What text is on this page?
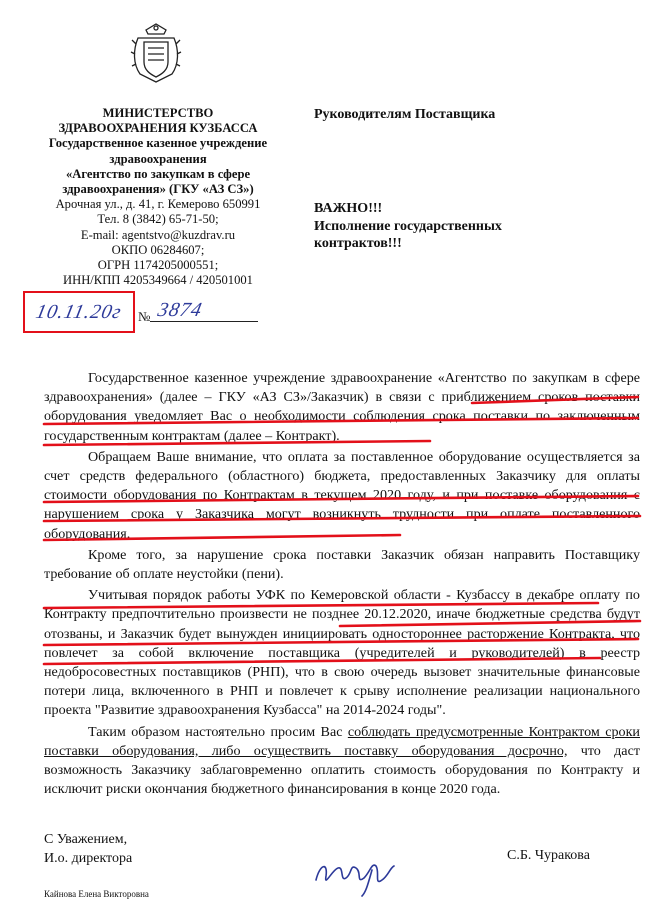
МИНИСТЕРСТВО
ЗДРАВООХРАНЕНИЯ КУЗБАССА
Государственное казенное учреждение
здравоохранения
«Агентство по закупкам в сфере
здравоохранения» (ГКУ «АЗ СЗ»)
Арочная ул., д. 41, г. Кемерово 650991
Тел. 8 (3842) 65-71-50;
E-mail: agentstvo@kuzdrav.ru
ОКПО 06284607;
ОГРН 1174205000551;
ИНН/КПП 4205349664 / 420501001
Руководителям Поставщика
ВАЖНО!!!
Исполнение государственных
контрактов!!!
10.11.20г № 3874

Государственное казенное учреждение здравоохранение «Агентство по закупкам в сфере здравоохранения» (далее – ГКУ «АЗ СЗ»/Заказчик) в связи с приближением сроков поставки оборудования уведомляет Вас о необходимости соблюдения срока поставки по заключенным государственным контрактам (далее – Контракт).

Обращаем Ваше внимание, что оплата за поставленное оборудование осуществляется за счет средств федерального (областного) бюджета, предоставленных Заказчику для оплаты стоимости оборудования по Контрактам в текущем 2020 году, и при поставке оборудования с нарушением срока у Заказчика могут возникнуть трудности при оплате поставленного оборудования.

Кроме того, за нарушение срока поставки Заказчик обязан направить Поставщику требование об оплате неустойки (пени).

Учитывая порядок работы УФК по Кемеровской области - Кузбассу в декабре оплату по Контракту предпочтительно произвести не позднее 20.12.2020, иначе бюджетные средства будут отозваны, и Заказчик будет вынужден инициировать одностороннее расторжение Контракта, что повлечет за собой включение поставщика (учредителей и руководителей) в реестр недобросовестных поставщиков (РНП), что в свою очередь вызовет значительные финансовые потери лица, включенного в РНП и повлечет к срыву исполнение реализации национального проекта "Развитие здравоохранения Кузбасса" на 2014-2024 годы".

Таким образом настоятельно просим Вас соблюдать предусмотренные Контрактом сроки поставки оборудования, либо осуществить поставку оборудования досрочно, что даст возможность Заказчику заблаговременно оплатить стоимость оборудования по Контракту и исключит риски окончания бюджетного финансирования в конце 2020 года.

С Уважением,
И.о. директора	С.Б. Чуракова
Кайнова Елена Викторовна
